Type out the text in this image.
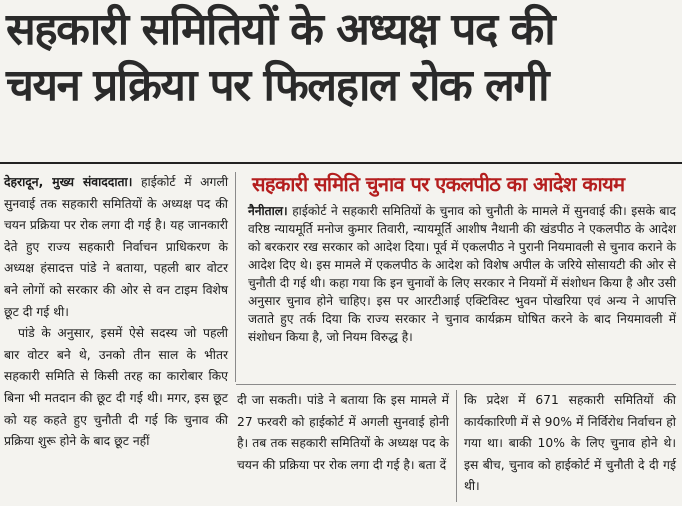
सहकारी समितियों के अध्यक्ष पद की
चयन प्रक्रिया पर फिलहाल रोक लगी

देहरादून, मुख्य संवाददाता। हाईकोर्ट में अगली सुनवाई तक सहकारी समितियों के अध्यक्ष पद की चयन प्रक्रिया पर रोक लगा दी गई है। यह जानकारी देते हुए राज्य सहकारी निर्वाचन प्राधिकरण के अध्यक्ष हंसादत्त पांडे ने बताया, पहली बार वोटर बने लोगों को सरकार की ओर से वन टाइम विशेष छूट दी गई थी।

पांडे के अनुसार, इसमें ऐसे सदस्य जो पहली बार वोटर बने थे, उनको तीन साल के भीतर सहकारी समिति से किसी तरह का कारोबार किए बिना भी मतदान की छूट दी गई थी। मगर, इस छूट को यह कहते हुए चुनौती दी गई कि चुनाव की प्रक्रिया शुरू होने के बाद छूट नहीं

सहकारी समिति चुनाव पर एकलपीठ का आदेश कायम
नैनीताल। हाईकोर्ट ने सहकारी समितियों के चुनाव को चुनौती के मामले में सुनवाई की। इसके बाद वरिष्ठ न्यायमूर्ति मनोज कुमार तिवारी, न्यायमूर्ति आशीष नैथानी की खंडपीठ ने एकलपीठ के आदेश को बरकरार रख सरकार को आदेश दिया। पूर्व में एकलपीठ ने पुरानी नियमावली से चुनाव कराने के आदेश दिए थे। इस मामले में एकलपीठ के आदेश को विशेष अपील के जरिये सोसायटी की ओर से चुनौती दी गई थी। कहा गया कि इन चुनावों के लिए सरकार ने नियमों में संशोधन किया है और उसी अनुसार चुनाव होने चाहिए। इस पर आरटीआई एक्टिविस्ट भुवन पोखरिया एवं अन्य ने आपत्ति जताते हुए तर्क दिया कि राज्य सरकार ने चुनाव कार्यक्रम घोषित करने के बाद नियमावली में संशोधन किया है, जो नियम विरुद्ध है।

दी जा सकती। पांडे ने बताया कि इस मामले में 27 फरवरी को हाईकोर्ट में अगली सुनवाई होनी है। तब तक सहकारी समितियों के अध्यक्ष पद के चयन की प्रक्रिया पर रोक लगा दी गई है। बता दें

कि प्रदेश में 671 सहकारी समितियों की कार्यकारिणी में से 90% में निर्विरोध निर्वाचन हो गया था। बाकी 10% के लिए चुनाव होने थे। इस बीच, चुनाव को हाईकोर्ट में चुनौती दे दी गई थी।
